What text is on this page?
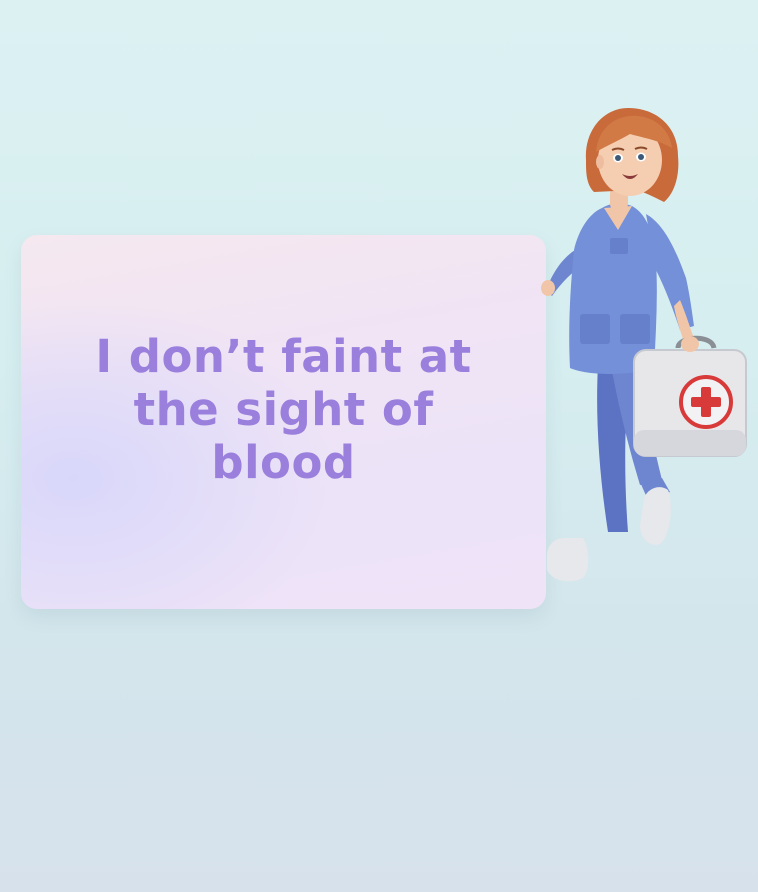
I don’t faint at the sight of blood
